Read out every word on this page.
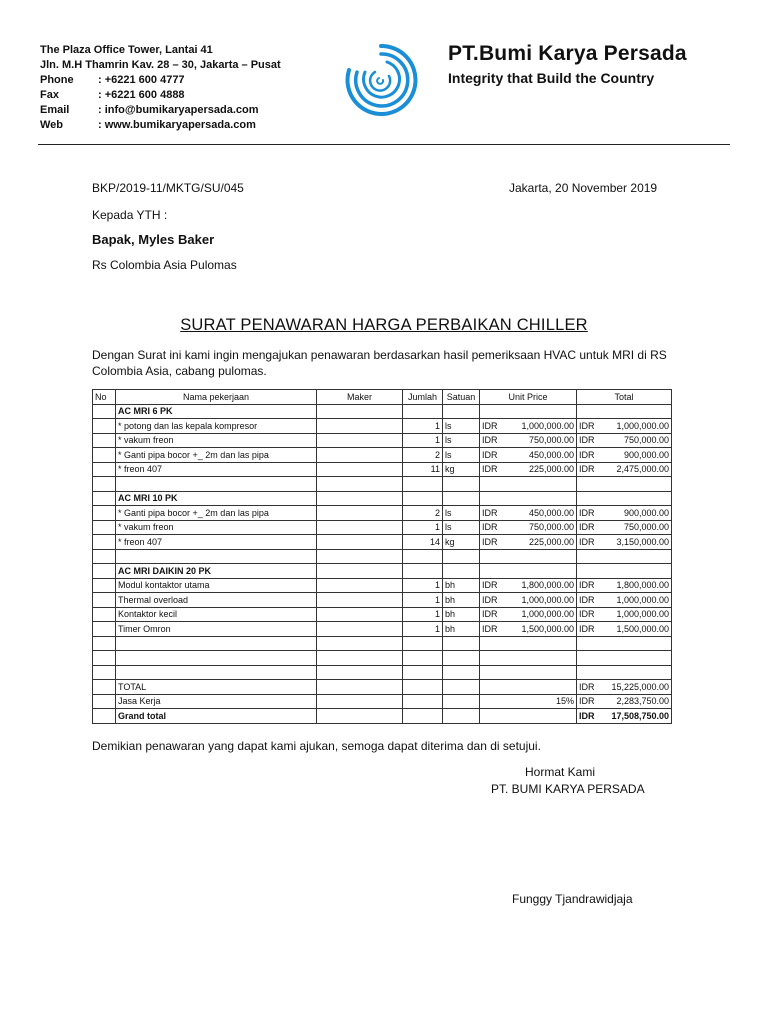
The Plaza Office Tower, Lantai 41
Jln. M.H Thamrin Kav. 28 – 30, Jakarta – Pusat
Phone	: +6221 600 4777
Fax	: +6221 600 4888
Email	: info@bumikaryapersada.com
Web	: www.bumikaryapersada.com
PT.Bumi Karya Persada
Integrity that Build the Country
BKP/2019-11/MKTG/SU/045	Jakarta, 20 November 2019
Kepada YTH :
Bapak, Myles Baker
Rs Colombia Asia Pulomas
SURAT PENAWARAN HARGA PERBAIKAN CHILLER
Dengan Surat ini kami ingin mengajukan penawaran berdasarkan hasil pemeriksaan HVAC untuk MRI di RS Colombia Asia, cabang pulomas.
No	Nama pekerjaan	Maker	Jumlah	Satuan	Unit Price		Total	
	AC MRI 6 PK							
	* potong dan las kepala kompresor		1	ls	IDR	1,000,000.00	IDR	1,000,000.00
	* vakum freon		1	ls	IDR	750,000.00	IDR	750,000.00
	* Ganti pipa bocor +_ 2m dan las pipa		2	ls	IDR	450,000.00	IDR	900,000.00
	* freon 407		11	kg	IDR	225,000.00	IDR	2,475,000.00

	AC MRI 10 PK							
	* Ganti pipa bocor +_ 2m dan las pipa		2	ls	IDR	450,000.00	IDR	900,000.00
	* vakum freon		1	ls	IDR	750,000.00	IDR	750,000.00
	* freon 407		14	kg	IDR	225,000.00	IDR	3,150,000.00

	AC MRI DAIKIN 20 PK							
	Modul kontaktor utama		1	bh	IDR	1,800,000.00	IDR	1,800,000.00
	Thermal overload		1	bh	IDR	1,000,000.00	IDR	1,000,000.00
	Kontaktor kecil		1	bh	IDR	1,000,000.00	IDR	1,000,000.00
	Timer Omron		1	bh	IDR	1,500,000.00	IDR	1,500,000.00

	TOTAL						IDR	15,225,000.00
	Jasa Kerja					15%	IDR	2,283,750.00
	Grand total						IDR	17,508,750.00
Demikian penawaran yang dapat kami ajukan, semoga dapat diterima dan di setujui.
Hormat Kami
PT. BUMI KARYA PERSADA
Funggy Tjandrawidjaja
